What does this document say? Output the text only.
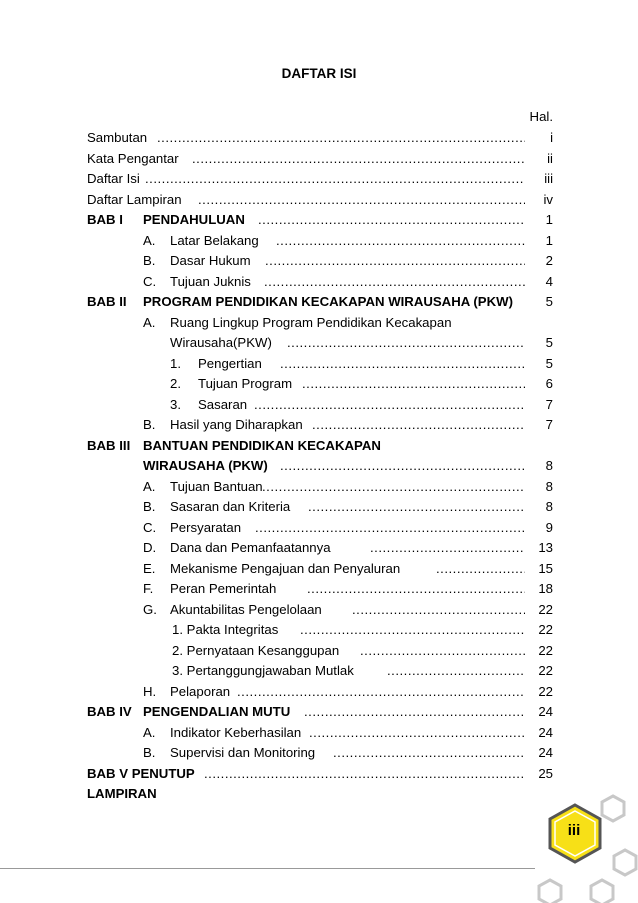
DAFTAR ISI
Hal.
Sambutan .....	i
Kata Pengantar .....	ii
Daftar Isi .....	iii
Daftar Lampiran .....	iv
BAB I PENDAHULUAN .....	1
A. Latar Belakang .....	1
B. Dasar Hukum .....	2
C. Tujuan Juknis .....	4
BAB II PROGRAM PENDIDIKAN KECAKAPAN WIRAUSAHA (PKW)	5
A. Ruang Lingkup Program Pendidikan Kecakapan
Wirausaha(PKW) .....	5
1. Pengertian .....	5
2. Tujuan Program .....	6
3. Sasaran .....	7
B. Hasil yang Diharapkan .....	7
BAB III BANTUAN PENDIDIKAN KECAKAPAN
WIRAUSAHA (PKW) .....	8
A. Tujuan Bantuan .....	8
B. Sasaran dan Kriteria .....	8
C. Persyaratan .....	9
D. Dana dan Pemanfaatannya .....	13
E. Mekanisme Pengajuan dan Penyaluran .....	15
F. Peran Pemerintah .....	18
G. Akuntabilitas Pengelolaan .....	22
1. Pakta Integritas .....	22
2. Pernyataan Kesanggupan .....	22
3. Pertanggungjawaban Mutlak .....	22
H. Pelaporan .....	22
BAB IV PENGENDALIAN MUTU .....	24
A. Indikator Keberhasilan .....	24
B. Supervisi dan Monitoring .....	24
BAB V PENUTUP .....	25
LAMPIRAN
iii
